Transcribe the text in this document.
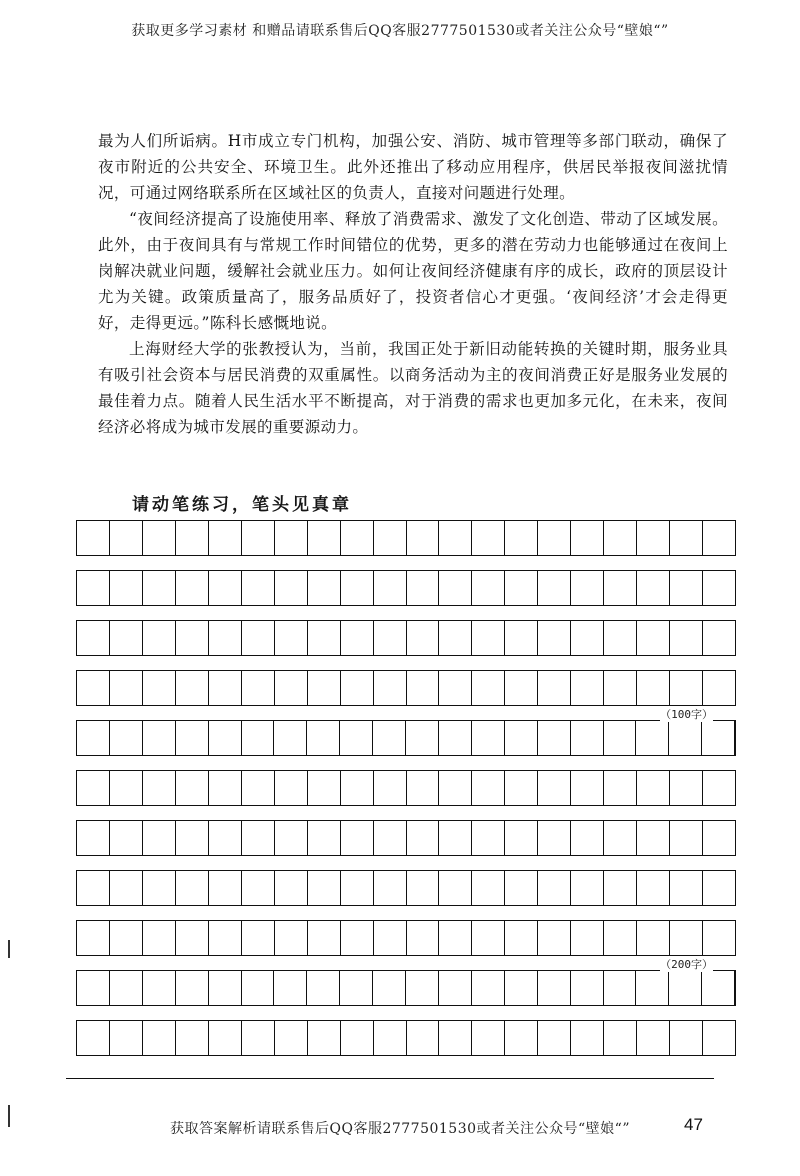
获取更多学习素材 和赠品请联系售后QQ客服2777501530或者关注公众号“壁娘“”

最为人们所诟病。H市成立专门机构，加强公安、消防、城市管理等多部门联动，确保了夜市附近的公共安全、环境卫生。此外还推出了移动应用程序，供居民举报夜间滋扰情况，可通过网络联系所在区域社区的负责人，直接对问题进行处理。

“夜间经济提高了设施使用率、释放了消费需求、激发了文化创造、带动了区域发展。此外，由于夜间具有与常规工作时间错位的优势，更多的潜在劳动力也能够通过在夜间上岗解决就业问题，缓解社会就业压力。如何让夜间经济健康有序的成长，政府的顶层设计尤为关键。政策质量高了，服务品质好了，投资者信心才更强。‘夜间经济’才会走得更好，走得更远。”陈科长感慨地说。

上海财经大学的张教授认为，当前，我国正处于新旧动能转换的关键时期，服务业具有吸引社会资本与居民消费的双重属性。以商务活动为主的夜间消费正好是服务业发展的最佳着力点。随着人民生活水平不断提高，对于消费的需求也更加多元化，在未来，夜间经济必将成为城市发展的重要源动力。

请动笔练习，笔头见真章
（100字）
（200字）
获取答案解析请联系售后QQ客服2777501530或者关注公众号“壁娘“”	47
